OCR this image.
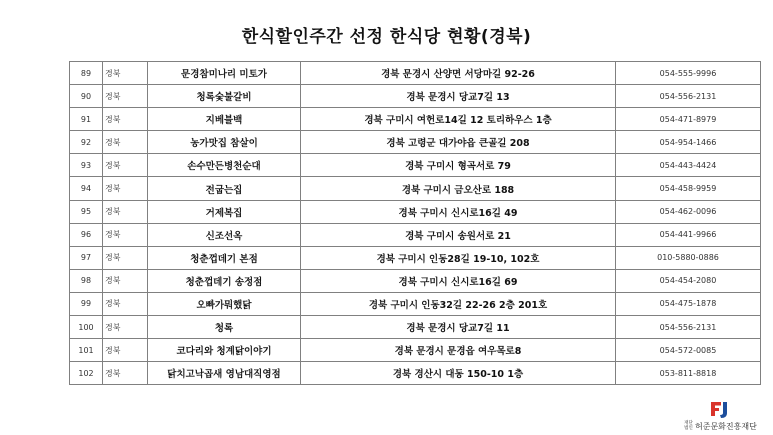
한식할인주간 선정 한식당 현황(경북)
89	경북	문경참미나리 미토가	경북 문경시 산양면 서당마길 92-26	054-555-9996
90	경북	청록숯불갈비	경북 문경시 당교7길 13	054-556-2131
91	경북	지베블백	경북 구미시 여헌로14길 12 토리하우스 1층	054-471-8979
92	경북	농가맛집 참살이	경북 고령군 대가야읍 큰골길 208	054-954-1466
93	경북	손수만든병천순대	경북 구미시 형곡서로 79	054-443-4424
94	경북	전굽는집	경북 구미시 금오산로 188	054-458-9959
95	경북	거제복집	경북 구미시 신시로16길 49	054-462-0096
96	경북	신조선옥	경북 구미시 송원서로 21	054-441-9966
97	경북	청춘껍데기 본점	경북 구미시 인동28길 19-10, 102호	010-5880-0886
98	경북	청춘껍데기 송정점	경북 구미시 신시로16길 69	054-454-2080
99	경북	오빠가뭐했닭	경북 구미시 인동32길 22-26 2층 201호	054-475-1878
100	경북	청록	경북 문경시 당교7길 11	054-556-2131
101	경북	코다리와 청계닭이야기	경북 문경시 문경읍 여우목로8	054-572-0085
102	경북	닭치고낙곱새 영남대직영점	경북 경산시 대동 150-10 1층	053-811-8818
재단법인 허준문화진흥재단
